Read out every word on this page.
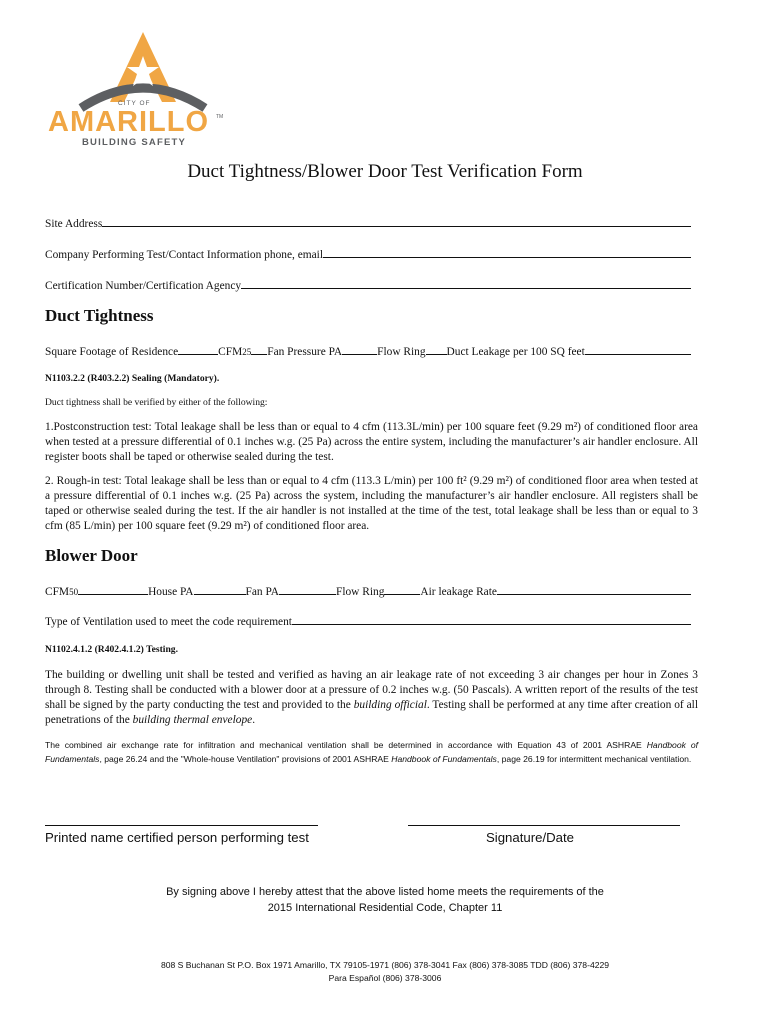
CITY OF
AMARILLO TM
BUILDING SAFETY
Duct Tightness/Blower Door Test Verification Form
Site Address
Company Performing Test/Contact Information phone, email
Certification Number/Certification Agency
Duct Tightness
Square Footage of Residence	CFM 25 Fan Pressure PA	Flow Ring Duct Leakage per 100 SQ feet
N1103.2.2 (R403.2.2) Sealing (Mandatory).
Duct tightness shall be verified by either of the following:
1.Postconstruction test: Total leakage shall be less than or equal to 4 cfm (113.3L/min) per 100 square feet (9.29 m²) of conditioned floor area when tested at a pressure differential of 0.1 inches w.g. (25 Pa) across the entire system, including the manufacturer’s air handler enclosure. All register boots shall be taped or otherwise sealed during the test.
2. Rough-in test: Total leakage shall be less than or equal to 4 cfm (113.3 L/min) per 100 ft² (9.29 m²) of conditioned floor area when tested at a pressure differential of 0.1 inches w.g. (25 Pa) across the system, including the manufacturer’s air handler enclosure. All registers shall be taped or otherwise sealed during the test. If the air handler is not installed at the time of the test, total leakage shall be less than or equal to 3 cfm (85 L/min) per 100 square feet (9.29 m²) of conditioned floor area.
Blower Door
CFM 50	House PA	Fan PA	Flow Ring	Air leakage Rate
Type of Ventilation used to meet the code requirement
N1102.4.1.2 (R402.4.1.2) Testing.
The building or dwelling unit shall be tested and verified as having an air leakage rate of not exceeding 3 air changes per hour in Zones 3 through 8. Testing shall be conducted with a blower door at a pressure of 0.2 inches w.g. (50 Pascals). A written report of the results of the test shall be signed by the party conducting the test and provided to the building official. Testing shall be performed at any time after creation of all penetrations of the building thermal envelope.
The combined air exchange rate for infiltration and mechanical ventilation shall be determined in accordance with Equation 43 of 2001 ASHRAE Handbook of Fundamentals, page 26.24 and the "Whole-house Ventilation" provisions of 2001 ASHRAE Handbook of Fundamentals, page 26.19 for intermittent mechanical ventilation.
Printed name certified person performing test	Signature/Date
By signing above I hereby attest that the above listed home meets the requirements of the
2015 International Residential Code, Chapter 11
808 S Buchanan St P.O. Box 1971 Amarillo, TX 79105-1971 (806) 378-3041 Fax (806) 378-3085 TDD (806) 378-4229
Para Español (806) 378-3006
